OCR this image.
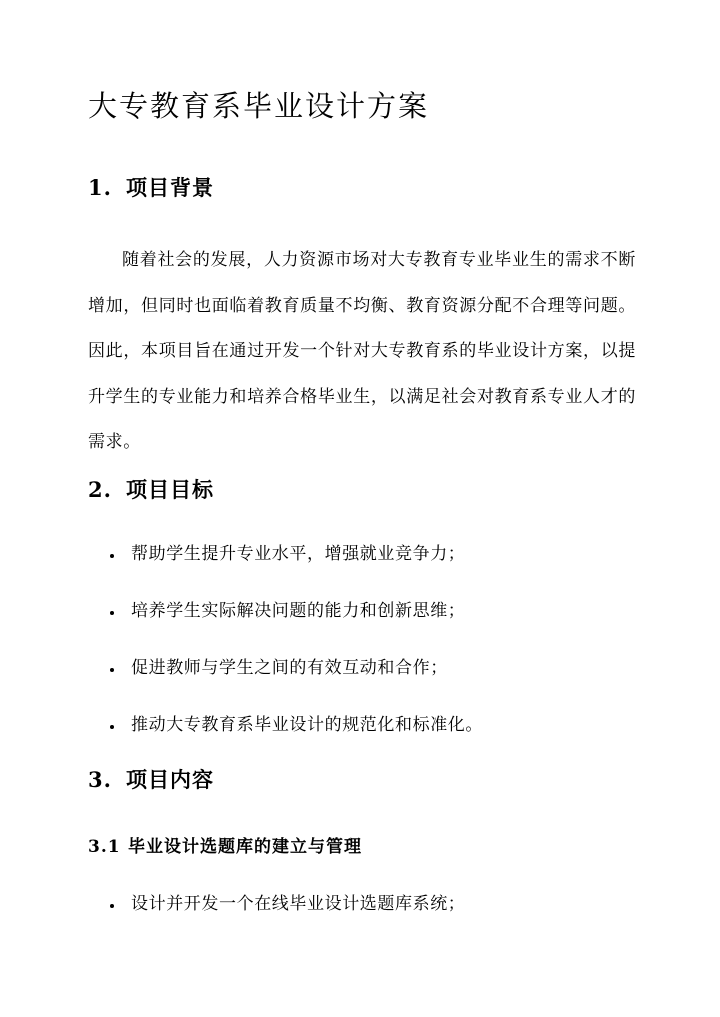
大专教育系毕业设计方案
1. 项目背景

随着社会的发展，人力资源市场对大专教育专业毕业生的需求不断增加，但同时也面临着教育质量不均衡、教育资源分配不合理等问题。因此，本项目旨在通过开发一个针对大专教育系的毕业设计方案，以提升学生的专业能力和培养合格毕业生，以满足社会对教育系专业人才的需求。

2. 项目目标
帮助学生提升专业水平，增强就业竞争力；
培养学生实际解决问题的能力和创新思维；
促进教师与学生之间的有效互动和合作；
推动大专教育系毕业设计的规范化和标准化。
3. 项目内容
3.1 毕业设计选题库的建立与管理
设计并开发一个在线毕业设计选题库系统；
